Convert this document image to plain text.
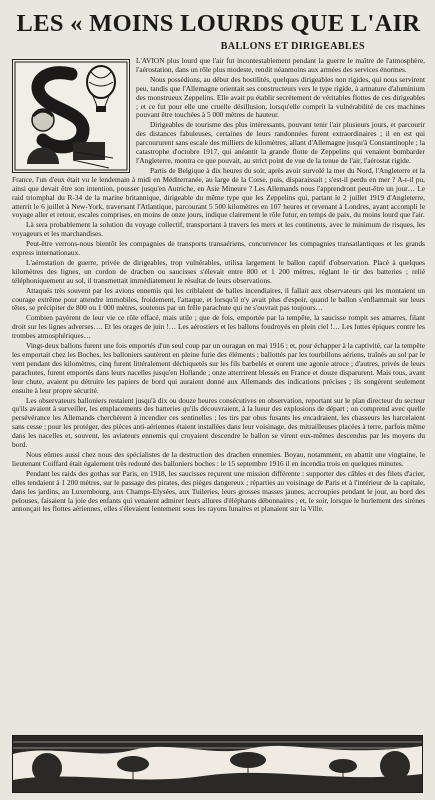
LES « MOINS LOURDS QUE L'AIR
BALLONS ET DIRIGEABLES

L'AVION plus lourd que l'air fut incontestablement pendant la guerre le maître de l'atmosphère, l'aérostation, dans un rôle plus modeste, rendit néanmoins aux armées des services énormes.

Nous possédions, au début des hostilités, quelques dirigeables non rigides, qui nous servirent peu, tandis que l'Allemagne orientait ses constructeurs vers le type rigide, à armature d'aluminium des monstrueux Zeppelins. Elle avait pu établir secrètement de véritables flottes de ces dirigeables ; et ce fut pour elle une cruelle désillusion, lorsqu'elle comprit la vulnérabilité de ces machines pouvant être touchées à 5 000 mètres de hauteur.

Dirigeables de tourisme des plus intéressants, pouvant tenir l'air plusieurs jours, et parcourir des distances fabuleuses, certaines de leurs randonnées furent extraordinaires ; il en est qui parcoururent sans escale des milliers de kilomètres, allant d'Allemagne jusqu'à Constantinople ; la catastrophe d'octobre 1917, qui anéantit la grande flotte de Zeppelins qui venaient bombarder l'Angleterre, montra ce que pouvait, au strict point de vue de la tenue de l'air, l'aérostat rigide.

Partis de Belgique à dix heures du soir, après avoir survolé la mer du Nord, l'Angleterre et la France, l'un d'eux était vu le lendemain à midi en Méditerranée, au large de la Corse, puis, disparaissait ; s'est-il perdu en mer ? A-t-il pu, ainsi que devait être son intention, pousser jusqu'en Autriche, en Asie Mineure ? Les Allemands nous l'apprendront peut-être un jour… Le raid triomphal du R-34 de la marine britannique, dirigeable du même type que les Zeppelins qui, partant le 2 juillet 1919 d'Angleterre, atterrit le 6 juillet à New-York, traversant l'Atlantique, parcourant 5 500 kilomètres en 107 heures et revenant à Londres, ayant accompli le voyage aller et retour, escales comprises, en moins de onze jours, indique clairement le rôle futur, en temps de paix, du moins lourd que l'air.

Là sera probablement la solution du voyage collectif, transportant à travers les mers et les continents, avec le minimum de risques, les voyageurs et les marchandises.

Peut-être verrons-nous bientôt les compagnies de transports transaériens, concurrencer les compagnies transatlantiques et les grands express internationaux.

L'aérostation de guerre, privée de dirigeables, trop vulnérables, utilisa largement le ballon captif d'observation. Placé à quelques kilomètres des lignes, un cordon de drachen ou saucisses s'élevait entre 800 et 1 200 mètres, réglant le tir des batteries ; relié téléphoniquement au sol, il transmettait immédiatement le résultat de leurs observations.

Attaqués très souvent par les avions ennemis qui les criblaient de balles incendiaires, il fallait aux observateurs qui les montaient un courage extrême pour attendre immobiles, froidement, l'attaque, et lorsqu'il n'y avait plus d'espoir, quand le ballon s'enflammait sur leurs têtes, se précipiter de 800 ou 1 000 mètres, soutenus par un frêle parachute qui ne s'ouvrait pas toujours…

Combien payèrent de leur vie ce rôle effacé, mais utile ; que de fois, emportée par la tempête, la saucisse rompit ses amarres, filant droit sur les lignes adverses…. Et les orages de juin !… Les aérostiers et les ballons foudroyés en plein ciel !… Les luttes épiques contre les trombes atmosphériques…

Vingt-deux ballons furent une fois emportés d'un seul coup par un ouragan en mai 1916 ; et, pour échapper à la captivité, car la tempête les emportait chez les Boches, les balloniers sautèrent en pleine furie des éléments ; ballottés par les tourbillons aériens, traînés au sol par le vent pendant des kilomètres, cinq furent littéralement déchiquetés sur les fils barbelés et eurent une agonie atroce ; d'autres, privés de leurs parachutes, furent emportés dans leurs nacelles jusqu'en Hollande ; onze atterrirent blessés en France et douze disparurent. Mais tous, avant leur chute, avaient pu détruire les papiers de bord qui auraient donné aux Allemands des indications précises ; ils songèrent seulement ensuite à leur propre sécurité.

Les observateurs balloniers restaient jusqu'à dix ou douze heures consécutives en observation, reportant sur le plan directeur du secteur qu'ils avaient à surveiller, les emplacements des batteries qu'ils découvraient, à la lueur des explosions de départ ; on comprend avec quelle persévérance les Allemands cherchèrent à incendier ces sentinelles ; les tirs par obus fusants les encadraient, les chasseurs les harcelaient sans cesse ; pour les protéger, des pièces anti-aériennes étaient installées dans leur voisinage, des mitrailleuses placées à terre, parfois même dans les nacelles et, souvent, les aviateurs ennemis qui croyaient descendre le ballon se virent eux-mêmes descendus par les moyens du bord.

Nous eûmes aussi chez nous des spécialistes de la destruction des drachen ennemies. Boyau, notamment, en abattit une vingtaine, le lieutenant Coiffard était également très redouté des balloniers boches : le 15 septembre 1916 il en incendia trois en quelques minutes.

Pendant les raids des gothas sur Paris, en 1918, les saucisses reçurent une mission différente : supporter des câbles et des filets d'acier, elles tendaient à 1 200 mètres, sur le passage des pirates, des pièges dangereux ; réparties au voisinage de Paris et à l'intérieur de la capitale, dans les jardins, au Luxembourg, aux Champs-Elysées, aux Tuileries, leurs grosses masses jaunes, accroupies pendant le jour, au bord des pelouses, faisaient la joie des enfants qui venaient admirer leurs allures d'éléphants débonnaires ; et, le soir, lorsque le hurlement des sirènes annonçait les flottes aériennes, elles s'élevaient lentement sous les rayons lunaires et planaient sur la Ville.
